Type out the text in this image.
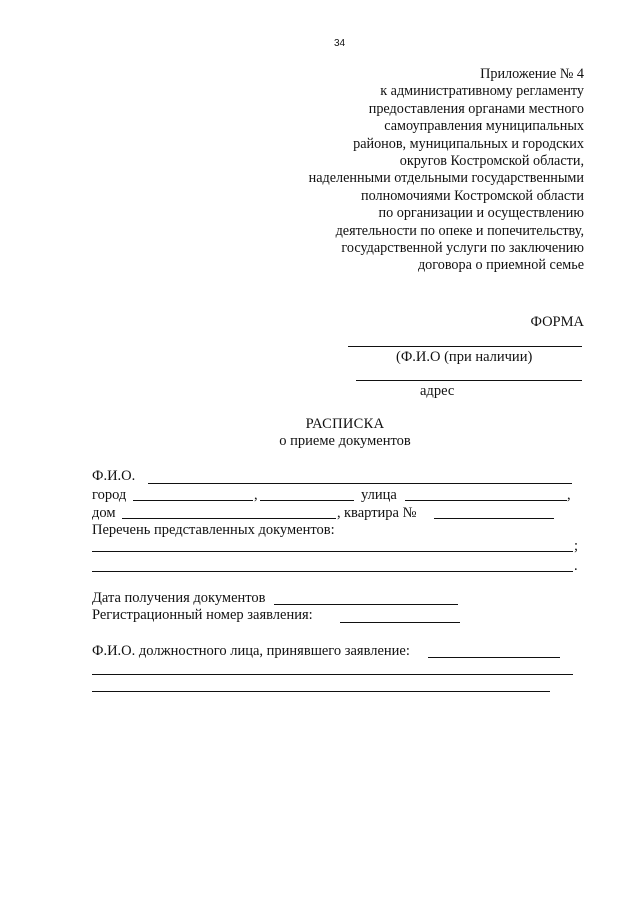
34
Приложение № 4
к административному регламенту
предоставления органами местного
самоуправления муниципальных
районов, муниципальных и городских
округов Костромской области,
наделенными отдельными государственными
полномочиями Костромской области
по организации и осуществлению
деятельности по опеке и попечительству,
государственной услуги по заключению
договора о приемной семье
ФОРМА
(Ф.И.О (при наличии)
адрес
РАСПИСКА
о приеме документов
Ф.И.О.
город	,	улица	,
дом	, квартира №
Перечень представленных документов:
;
.
Дата получения документов
Регистрационный номер заявления:
Ф.И.О. должностного лица, принявшего заявление:
